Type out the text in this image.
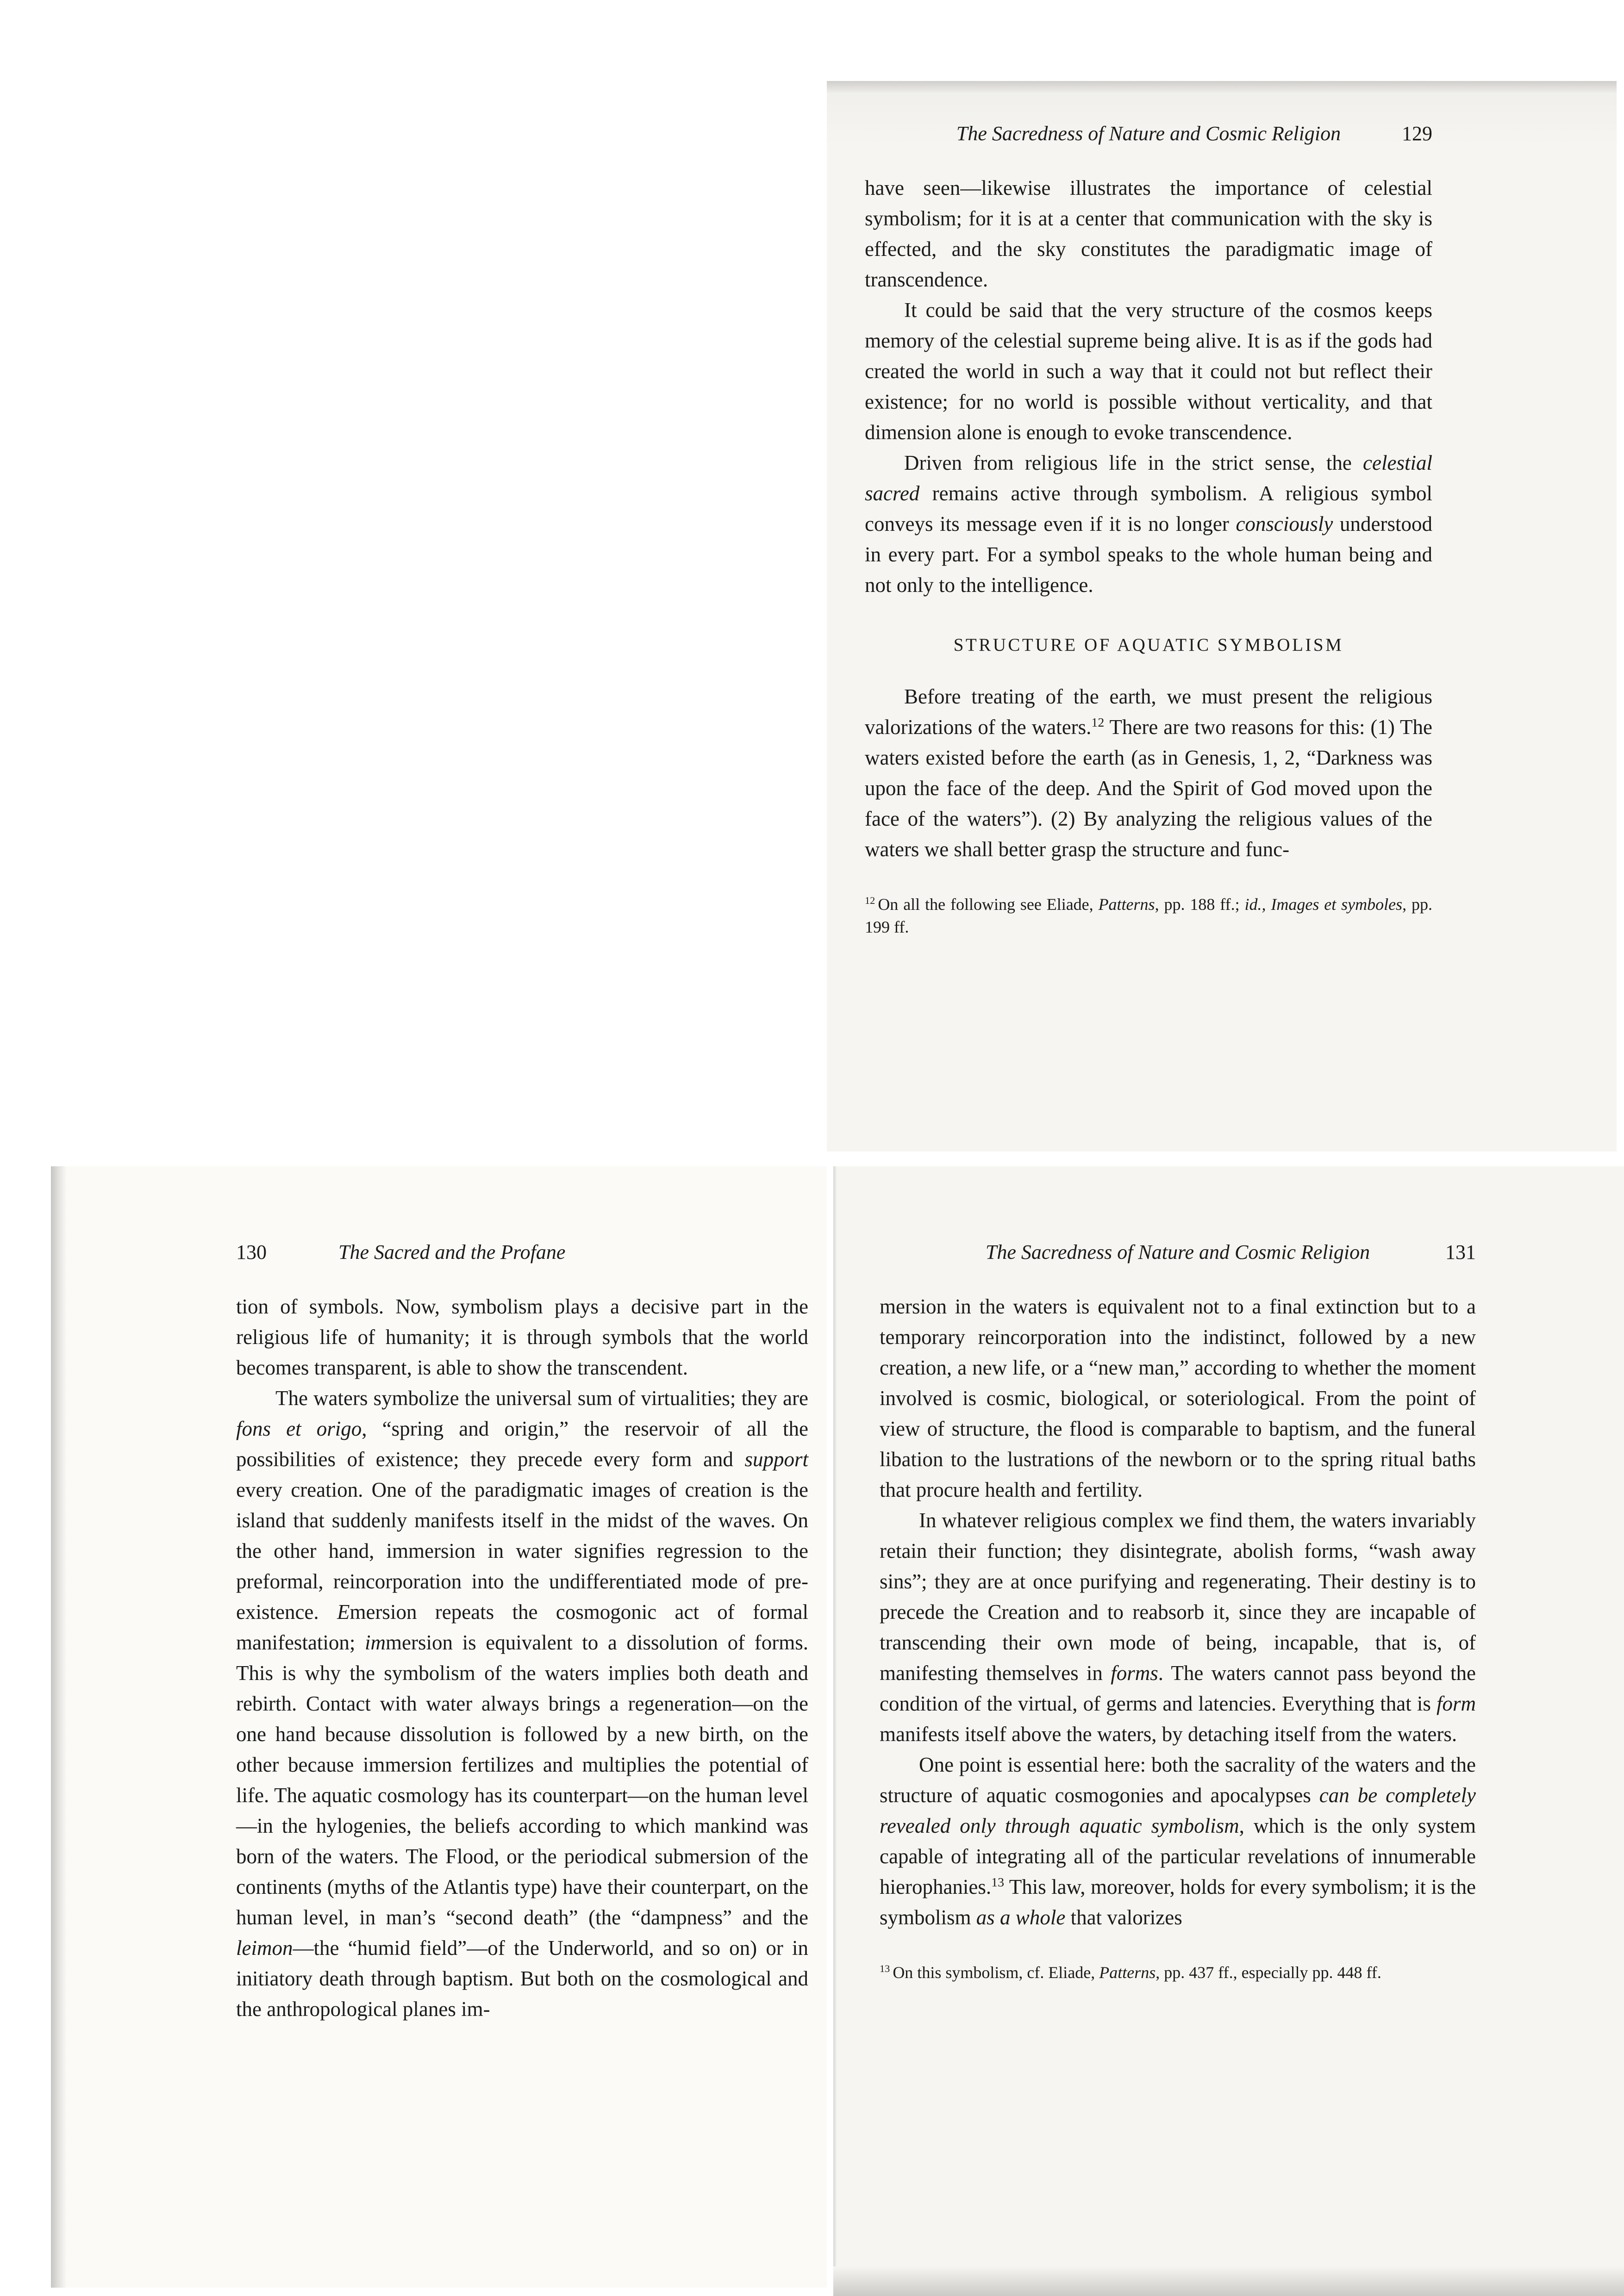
The Sacredness of Nature and Cosmic Religion	129

have seen—likewise illustrates the importance of celestial symbolism; for it is at a center that communication with the sky is effected, and the sky constitutes the paradigmatic image of transcendence.

It could be said that the very structure of the cosmos keeps memory of the celestial supreme being alive. It is as if the gods had created the world in such a way that it could not but reflect their existence; for no world is possible without verticality, and that dimension alone is enough to evoke transcendence.

Driven from religious life in the strict sense, the celestial sacred remains active through symbolism. A religious symbol conveys its message even if it is no longer consciously understood in every part. For a symbol speaks to the whole human being and not only to the intelligence.

STRUCTURE OF AQUATIC SYMBOLISM

Before treating of the earth, we must present the religious valorizations of the waters.$^{12}$ There are two reasons for this: (1) The waters existed before the earth (as in Genesis, 1, 2, “Darkness was upon the face of the deep. And the Spirit of God moved upon the face of the waters”). (2) By analyzing the religious values of the waters we shall better grasp the structure and func-

$^{12}$ On all the following see Eliade, Patterns, pp. 188 ff.; id., Images et symboles, pp. 199 ff.
130	The Sacred and the Profane

tion of symbols. Now, symbolism plays a decisive part in the religious life of humanity; it is through symbols that the world becomes transparent, is able to show the transcendent.

The waters symbolize the universal sum of virtualities; they are fons et origo, “spring and origin,” the reservoir of all the possibilities of existence; they precede every form and support every creation. One of the paradigmatic images of creation is the island that suddenly manifests itself in the midst of the waves. On the other hand, immersion in water signifies regression to the preformal, reincorporation into the undifferentiated mode of pre-existence. Emersion repeats the cosmogonic act of formal manifestation; immersion is equivalent to a dissolution of forms. This is why the symbolism of the waters implies both death and rebirth. Contact with water always brings a regeneration—on the one hand because dissolution is followed by a new birth, on the other because immersion fertilizes and multiplies the potential of life. The aquatic cosmology has its counterpart—on the human level—in the hylogenies, the beliefs according to which mankind was born of the waters. The Flood, or the periodical submersion of the continents (myths of the Atlantis type) have their counterpart, on the human level, in man’s “second death” (the “dampness” and the leimon—the “humid field”—of the Underworld, and so on) or in initiatory death through baptism. But both on the cosmological and the anthropological planes im-

The Sacredness of Nature and Cosmic Religion	131

mersion in the waters is equivalent not to a final extinction but to a temporary reincorporation into the indistinct, followed by a new creation, a new life, or a “new man,” according to whether the moment involved is cosmic, biological, or soteriological. From the point of view of structure, the flood is comparable to baptism, and the funeral libation to the lustrations of the newborn or to the spring ritual baths that procure health and fertility.

In whatever religious complex we find them, the waters invariably retain their function; they disintegrate, abolish forms, “wash away sins”; they are at once purifying and regenerating. Their destiny is to precede the Creation and to reabsorb it, since they are incapable of transcending their own mode of being, incapable, that is, of manifesting themselves in forms. The waters cannot pass beyond the condition of the virtual, of germs and latencies. Everything that is form manifests itself above the waters, by detaching itself from the waters.

One point is essential here: both the sacrality of the waters and the structure of aquatic cosmogonies and apocalypses can be completely revealed only through aquatic symbolism, which is the only system capable of integrating all of the particular revelations of innumerable hierophanies.$^{13}$ This law, moreover, holds for every symbolism; it is the symbolism as a whole that valorizes

$^{13}$ On this symbolism, cf. Eliade, Patterns, pp. 437 ff., especially pp. 448 ff.
